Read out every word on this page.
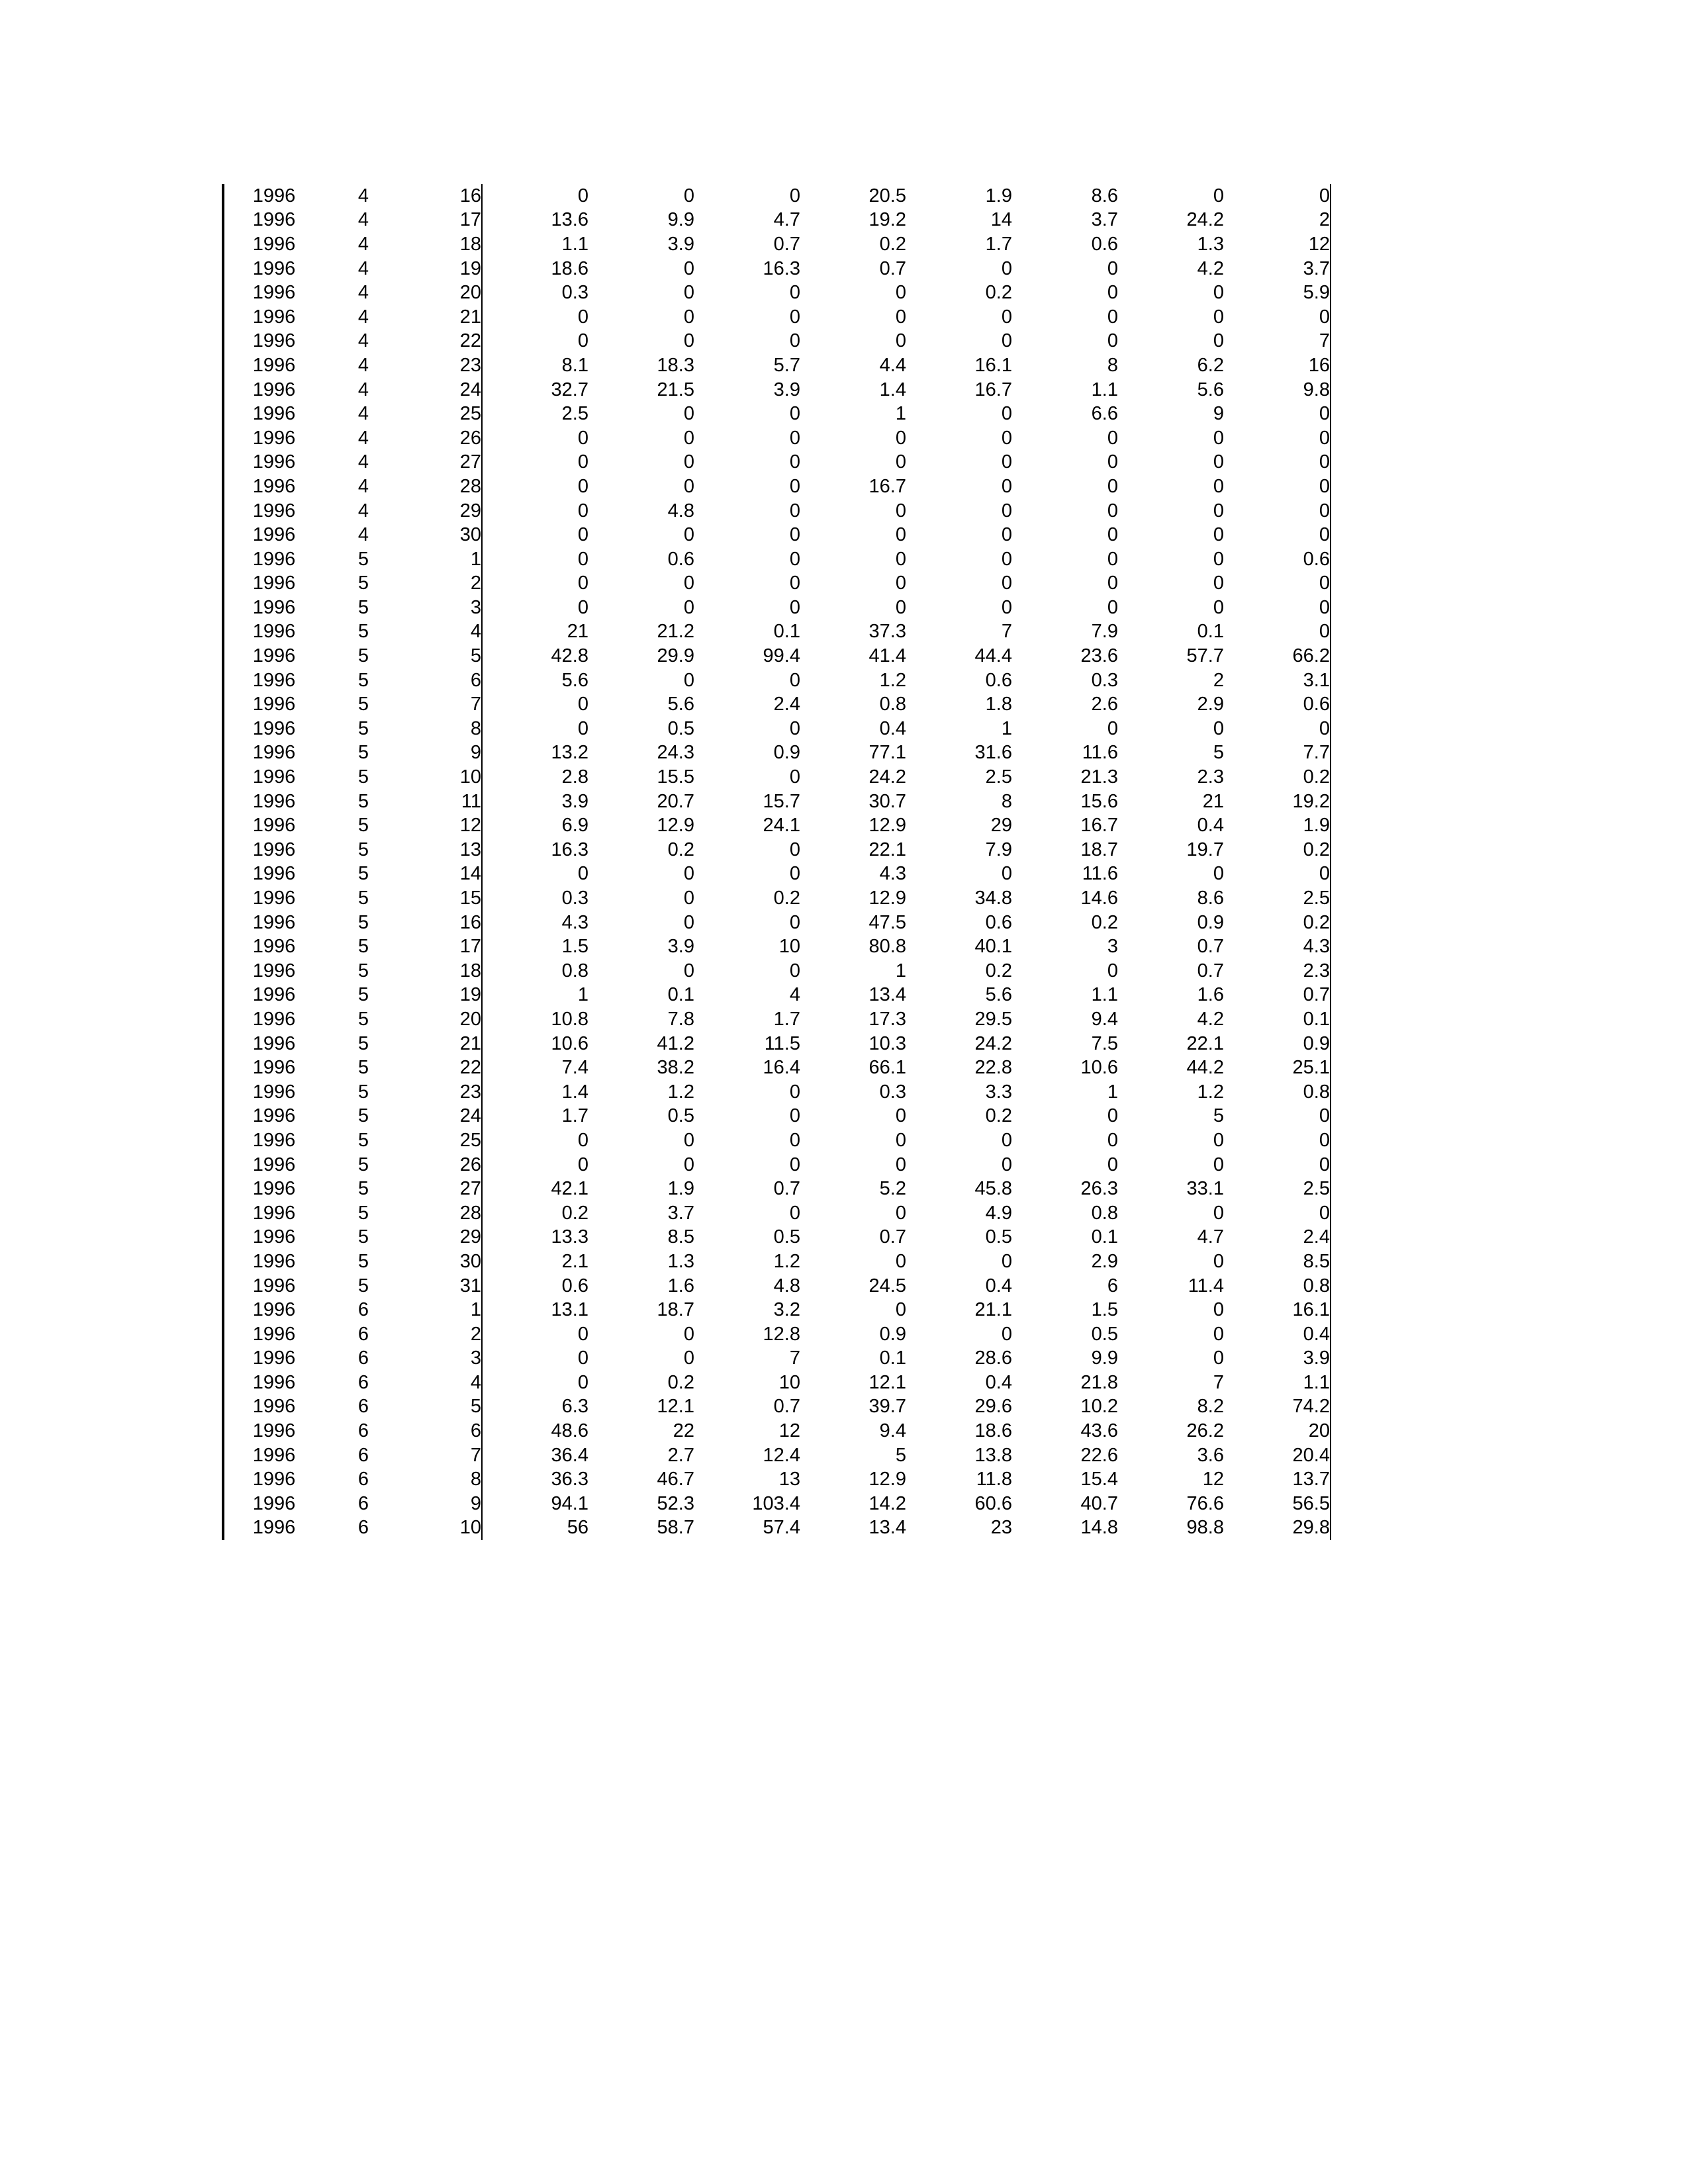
1996	4	16	0	0	0	20.5	1.9	8.6	0	0
1996	4	17	13.6	9.9	4.7	19.2	14	3.7	24.2	2
1996	4	18	1.1	3.9	0.7	0.2	1.7	0.6	1.3	12
1996	4	19	18.6	0	16.3	0.7	0	0	4.2	3.7
1996	4	20	0.3	0	0	0	0.2	0	0	5.9
1996	4	21	0	0	0	0	0	0	0	0
1996	4	22	0	0	0	0	0	0	0	7
1996	4	23	8.1	18.3	5.7	4.4	16.1	8	6.2	16
1996	4	24	32.7	21.5	3.9	1.4	16.7	1.1	5.6	9.8
1996	4	25	2.5	0	0	1	0	6.6	9	0
1996	4	26	0	0	0	0	0	0	0	0
1996	4	27	0	0	0	0	0	0	0	0
1996	4	28	0	0	0	16.7	0	0	0	0
1996	4	29	0	4.8	0	0	0	0	0	0
1996	4	30	0	0	0	0	0	0	0	0
1996	5	1	0	0.6	0	0	0	0	0	0.6
1996	5	2	0	0	0	0	0	0	0	0
1996	5	3	0	0	0	0	0	0	0	0
1996	5	4	21	21.2	0.1	37.3	7	7.9	0.1	0
1996	5	5	42.8	29.9	99.4	41.4	44.4	23.6	57.7	66.2
1996	5	6	5.6	0	0	1.2	0.6	0.3	2	3.1
1996	5	7	0	5.6	2.4	0.8	1.8	2.6	2.9	0.6
1996	5	8	0	0.5	0	0.4	1	0	0	0
1996	5	9	13.2	24.3	0.9	77.1	31.6	11.6	5	7.7
1996	5	10	2.8	15.5	0	24.2	2.5	21.3	2.3	0.2
1996	5	11	3.9	20.7	15.7	30.7	8	15.6	21	19.2
1996	5	12	6.9	12.9	24.1	12.9	29	16.7	0.4	1.9
1996	5	13	16.3	0.2	0	22.1	7.9	18.7	19.7	0.2
1996	5	14	0	0	0	4.3	0	11.6	0	0
1996	5	15	0.3	0	0.2	12.9	34.8	14.6	8.6	2.5
1996	5	16	4.3	0	0	47.5	0.6	0.2	0.9	0.2
1996	5	17	1.5	3.9	10	80.8	40.1	3	0.7	4.3
1996	5	18	0.8	0	0	1	0.2	0	0.7	2.3
1996	5	19	1	0.1	4	13.4	5.6	1.1	1.6	0.7
1996	5	20	10.8	7.8	1.7	17.3	29.5	9.4	4.2	0.1
1996	5	21	10.6	41.2	11.5	10.3	24.2	7.5	22.1	0.9
1996	5	22	7.4	38.2	16.4	66.1	22.8	10.6	44.2	25.1
1996	5	23	1.4	1.2	0	0.3	3.3	1	1.2	0.8
1996	5	24	1.7	0.5	0	0	0.2	0	5	0
1996	5	25	0	0	0	0	0	0	0	0
1996	5	26	0	0	0	0	0	0	0	0
1996	5	27	42.1	1.9	0.7	5.2	45.8	26.3	33.1	2.5
1996	5	28	0.2	3.7	0	0	4.9	0.8	0	0
1996	5	29	13.3	8.5	0.5	0.7	0.5	0.1	4.7	2.4
1996	5	30	2.1	1.3	1.2	0	0	2.9	0	8.5
1996	5	31	0.6	1.6	4.8	24.5	0.4	6	11.4	0.8
1996	6	1	13.1	18.7	3.2	0	21.1	1.5	0	16.1
1996	6	2	0	0	12.8	0.9	0	0.5	0	0.4
1996	6	3	0	0	7	0.1	28.6	9.9	0	3.9
1996	6	4	0	0.2	10	12.1	0.4	21.8	7	1.1
1996	6	5	6.3	12.1	0.7	39.7	29.6	10.2	8.2	74.2
1996	6	6	48.6	22	12	9.4	18.6	43.6	26.2	20
1996	6	7	36.4	2.7	12.4	5	13.8	22.6	3.6	20.4
1996	6	8	36.3	46.7	13	12.9	11.8	15.4	12	13.7
1996	6	9	94.1	52.3	103.4	14.2	60.6	40.7	76.6	56.5
1996	6	10	56	58.7	57.4	13.4	23	14.8	98.8	29.8
